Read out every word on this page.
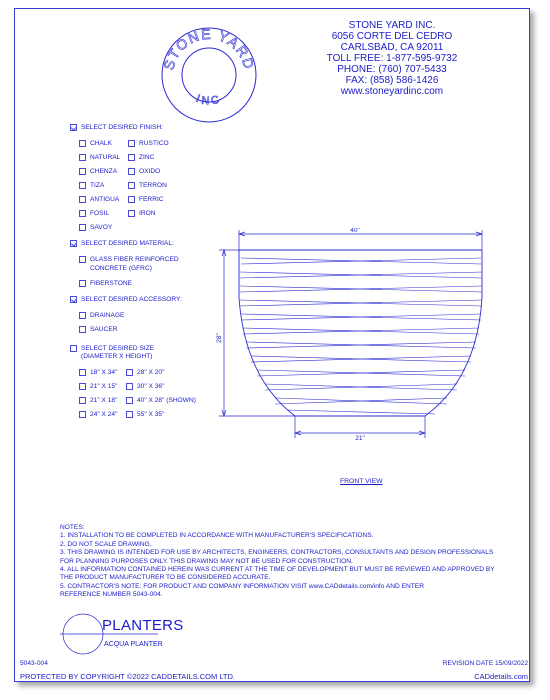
STONE YARD
INC
STONE YARD INC.
6056 CORTE DEL CEDRO
CARLSBAD, CA 92011
TOLL FREE: 1-877-595-9732
PHONE: (760) 707-5433
FAX: (858) 586-1426
www.stoneyardinc.com
SELECT DESIRED FINISH:
CHALK
NATURAL
CHENZA
TIZA
ANTIGUA
FOSIL
SAVOY
RUSTICO
ZINC
OXIDO
TERRON
FERRIC
IRON
SELECT DESIRED MATERIAL:
GLASS FIBER REINFORCED
CONCRETE (GFRC)
FIBERSTONE
SELECT DESIRED ACCESSORY:
DRAINAGE
SAUCER
SELECT DESIRED SIZE
(DIAMETER X HEIGHT)
18" X 34"
21" X 15"
21" X 18"
24" X 24"
28" X 20"
30" X 36"
40" X 28" (SHOWN)
55" X 35"
40"
28"
21"
FRONT VIEW
NOTES:
1. INSTALLATION TO BE COMPLETED IN ACCORDANCE WITH MANUFACTURER'S SPECIFICATIONS.
2. DO NOT SCALE DRAWING.
3. THIS DRAWING IS INTENDED FOR USE BY ARCHITECTS, ENGINEERS, CONTRACTORS, CONSULTANTS AND DESIGN PROFESSIONALS
FOR PLANNING PURPOSES ONLY. THIS DRAWING MAY NOT BE USED FOR CONSTRUCTION.
4. ALL INFORMATION CONTAINED HEREIN WAS CURRENT AT THE TIME OF DEVELOPMENT BUT MUST BE REVIEWED AND APPROVED BY
THE PRODUCT MANUFACTURER TO BE CONSIDERED ACCURATE.
5. CONTRACTOR'S NOTE: FOR PRODUCT AND COMPANY INFORMATION VISIT www.CADdetails.com/info AND ENTER
REFERENCE NUMBER 5043-004.
PLANTERS
ACQUA PLANTER
5043-004	REVISION DATE 15/09/2022
PROTECTED BY COPYRIGHT ©2022 CADDETAILS.COM LTD.	CADdetails.com
